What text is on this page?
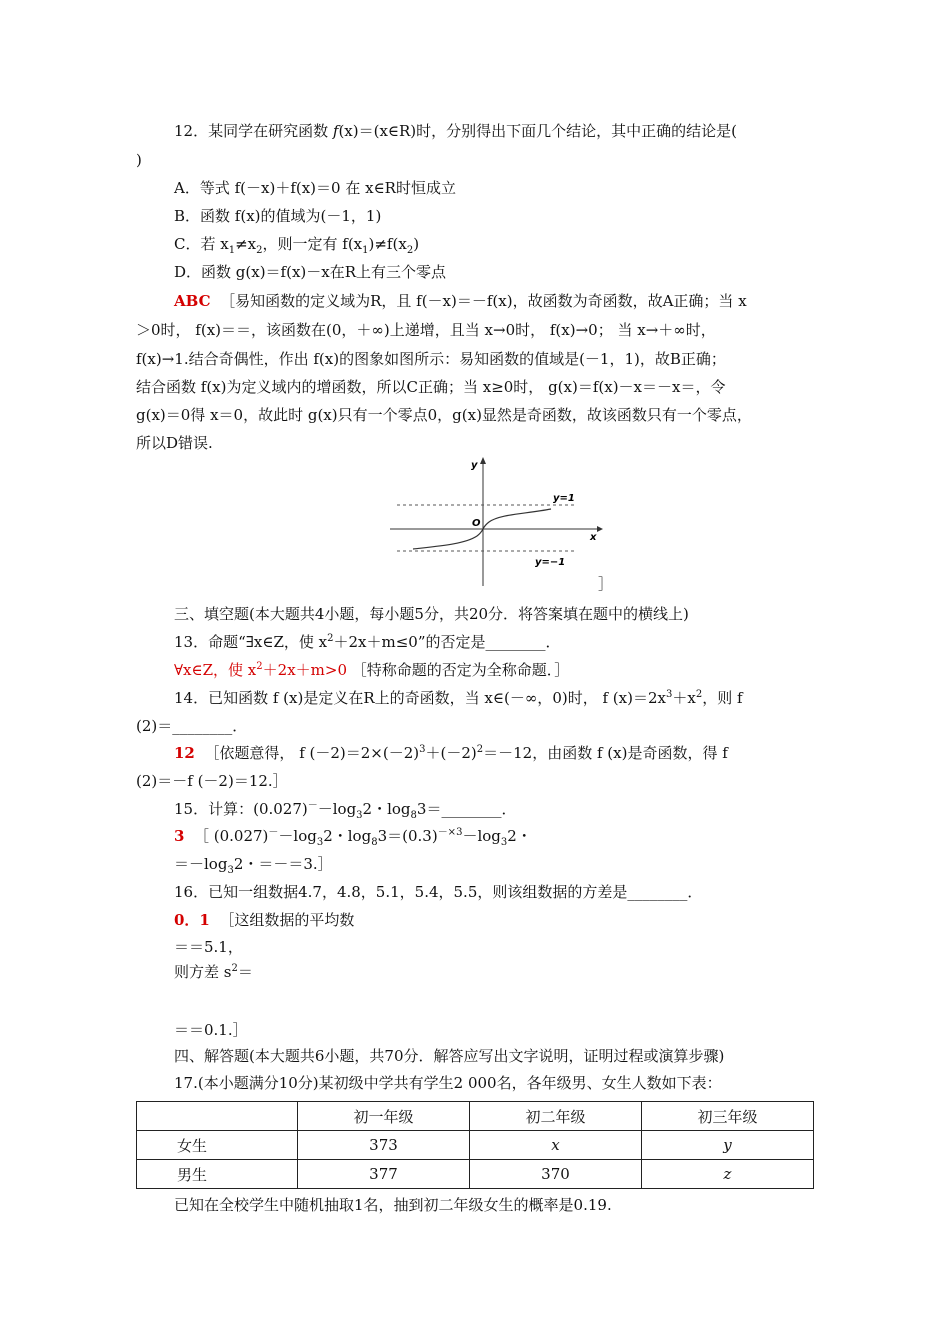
12．某同学在研究函数 f(x)＝(x∈R)时，分别得出下面几个结论，其中正确的结论是(
)
A．等式 f(－x)＋f(x)＝0 在 x∈R时恒成立
B．函数 f(x)的值域为(－1，1)
C．若 $x_1\ne x_2$，则一定有 $f(x_1)\ne f(x_2)$
D．函数 g(x)＝f(x)－x在R上有三个零点
ABC ［易知函数的定义域为R，且 f(－x)＝－f(x)，故函数为奇函数，故A正确；当 x
＞0时， f(x)＝＝，该函数在(0，＋∞)上递增，且当 x→0时， f(x)→0； 当 x→＋∞时，
f(x)→1.结合奇偶性，作出 f(x)的图象如图所示：易知函数的值域是(－1，1)，故B正确；
结合函数 f(x)为定义域内的增函数，所以C正确；当 x≥0时， g(x)＝f(x)－x＝－x＝，令
g(x)＝0得 x＝0，故此时 g(x)只有一个零点0，g(x)显然是奇函数，故该函数只有一个零点，
所以D错误.
y
x
O
y=1
y=−1
］
三、填空题(本大题共4小题，每小题5分，共20分．将答案填在题中的横线上)
13．命题“∃x∈Z，使 $x^2+2x+m\le 0$”的否定是________．
∀x∈Z，使 $x^2+2x+m>0$ ［特称命题的否定为全称命题．］
14．已知函数 f (x)是定义在R上的奇函数，当 x∈(－∞，0)时， f $(x)=2x^3+x^2$，则 f
(2)＝________．
12 ［依题意得， f $(-2)=2\times(-2)^3+(-2)^2=-12$，由函数 f (x)是奇函数，得 f
(2)＝－f (－2)＝12.］
15．计算：$(0.027)^--\log_32$・$\log_83=\_\_\_\_\_\_\_\_$．
3 ［ $(0.027)^--\log_32$・$\log_83=(0.3)^{-\times 3}-\log_32$・
$=-\log_32$・＝－＝3.］
16．已知一组数据4.7，4.8，5.1，5.4，5.5，则该组数据的方差是________．
0．1 ［这组数据的平均数
＝＝5.1，
则方差 $s^2=$
＝＝0.1.］
四、解答题(本大题共6小题，共70分．解答应写出文字说明，证明过程或演算步骤)
17.(本小题满分10分)某初级中学共有学生2 000名，各年级男、女生人数如下表：
	初一年级	初二年级	初三年级
女生	373	x	y
男生	377	370	z
已知在全校学生中随机抽取1名，抽到初二年级女生的概率是0.19.
